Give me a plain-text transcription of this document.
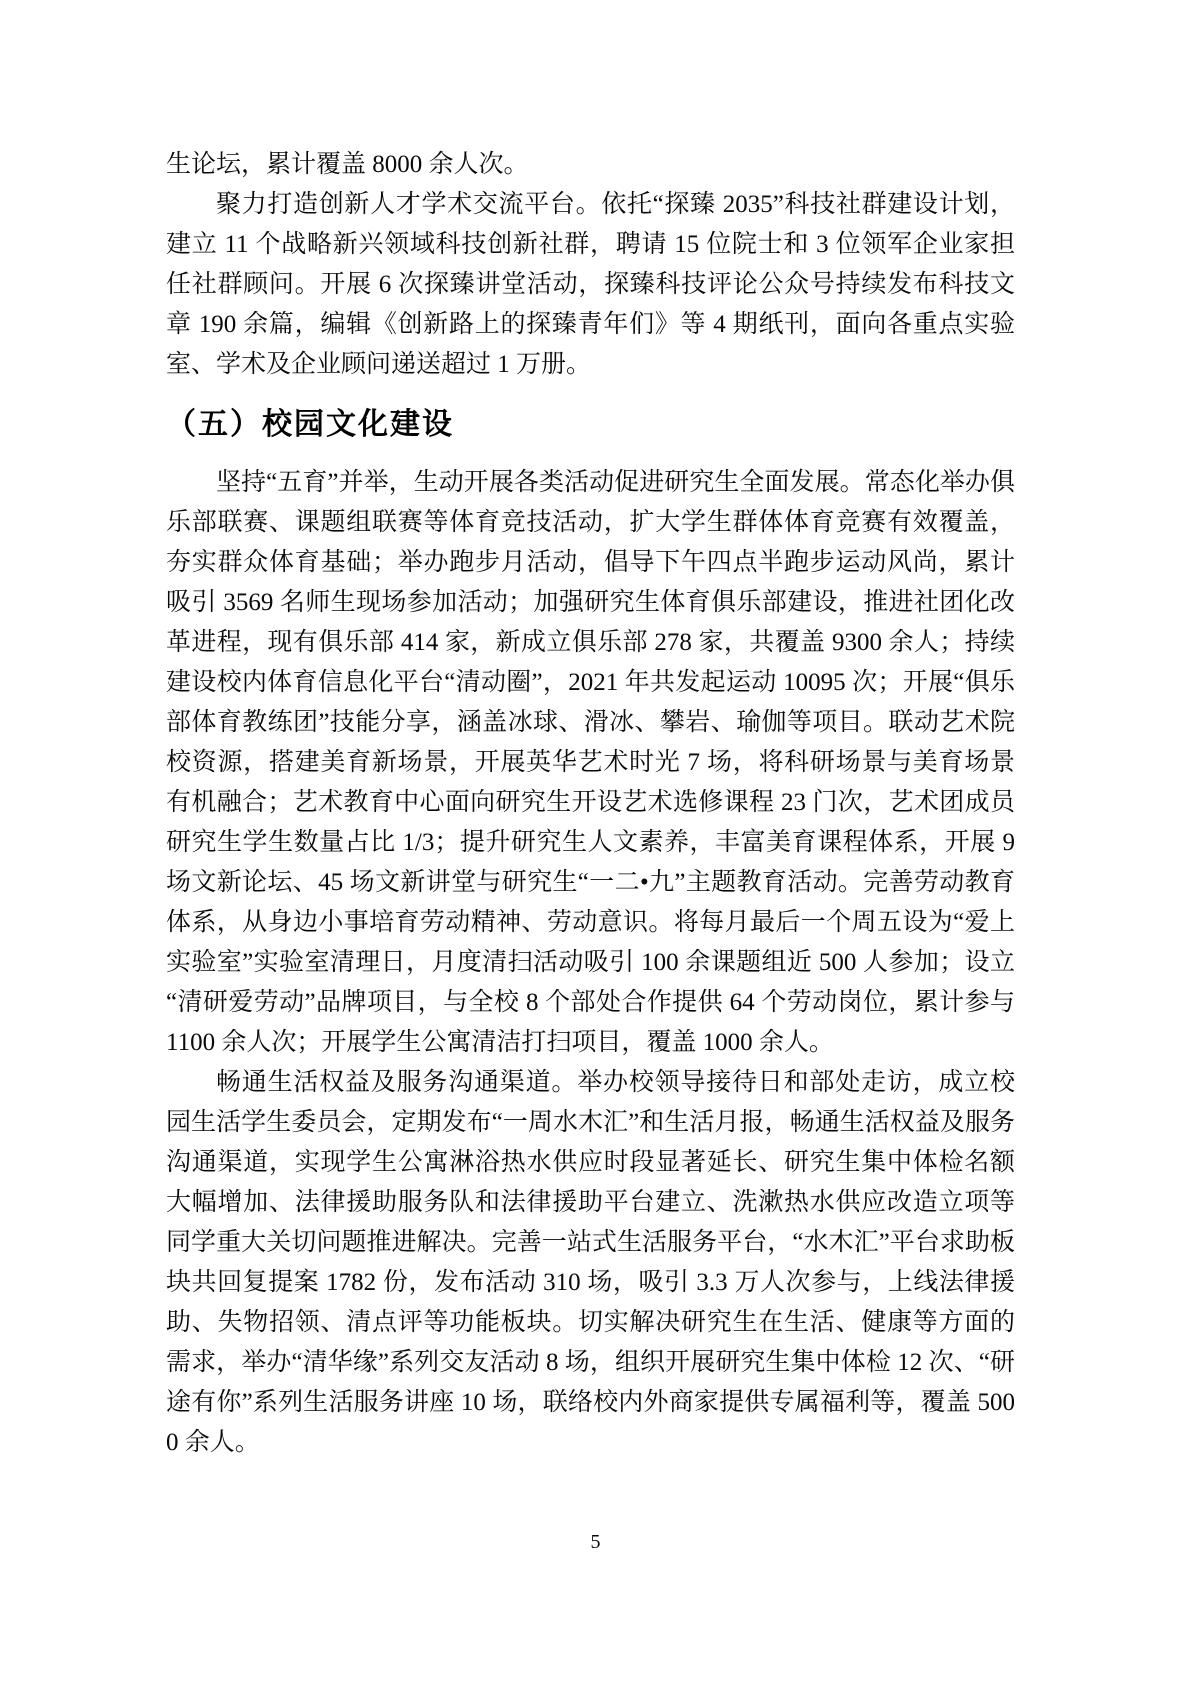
生论坛，累计覆盖 8000 余人次。

聚力打造创新人才学术交流平台。依托“探臻 2035”科技社群建设计划，建立 11 个战略新兴领域科技创新社群，聘请 15 位院士和 3 位领军企业家担任社群顾问。开展 6 次探臻讲堂活动，探臻科技评论公众号持续发布科技文章 190 余篇，编辑《创新路上的探臻青年们》等 4 期纸刊，面向各重点实验室、学术及企业顾问递送超过 1 万册。

（五）校园文化建设

坚持“五育”并举，生动开展各类活动促进研究生全面发展。常态化举办俱乐部联赛、课题组联赛等体育竞技活动，扩大学生群体体育竞赛有效覆盖，夯实群众体育基础；举办跑步月活动，倡导下午四点半跑步运动风尚，累计吸引 3569 名师生现场参加活动；加强研究生体育俱乐部建设，推进社团化改革进程，现有俱乐部 414 家，新成立俱乐部 278 家，共覆盖 9300 余人；持续建设校内体育信息化平台“清动圈”，2021 年共发起运动 10095 次；开展“俱乐部体育教练团”技能分享，涵盖冰球、滑冰、攀岩、瑜伽等项目。联动艺术院校资源，搭建美育新场景，开展英华艺术时光 7 场，将科研场景与美育场景有机融合；艺术教育中心面向研究生开设艺术选修课程 23 门次，艺术团成员研究生学生数量占比 1/3；提升研究生人文素养，丰富美育课程体系，开展 9 场文新论坛、45 场文新讲堂与研究生“一二•九”主题教育活动。完善劳动教育体系，从身边小事培育劳动精神、劳动意识。将每月最后一个周五设为“爱上实验室”实验室清理日，月度清扫活动吸引 100 余课题组近 500 人参加；设立“清研爱劳动”品牌项目，与全校 8 个部处合作提供 64 个劳动岗位，累计参与 1100 余人次；开展学生公寓清洁打扫项目，覆盖 1000 余人。

畅通生活权益及服务沟通渠道。举办校领导接待日和部处走访，成立校园生活学生委员会，定期发布“一周水木汇”和生活月报，畅通生活权益及服务沟通渠道，实现学生公寓淋浴热水供应时段显著延长、研究生集中体检名额大幅增加、法律援助服务队和法律援助平台建立、洗漱热水供应改造立项等同学重大关切问题推进解决。完善一站式生活服务平台，“水木汇”平台求助板块共回复提案 1782 份，发布活动 310 场，吸引 3.3 万人次参与，上线法律援助、失物招领、清点评等功能板块。切实解决研究生在生活、健康等方面的需求，举办“清华缘”系列交友活动 8 场，组织开展研究生集中体检 12 次、“研途有你”系列生活服务讲座 10 场，联络校内外商家提供专属福利等，覆盖 5000 余人。

5
